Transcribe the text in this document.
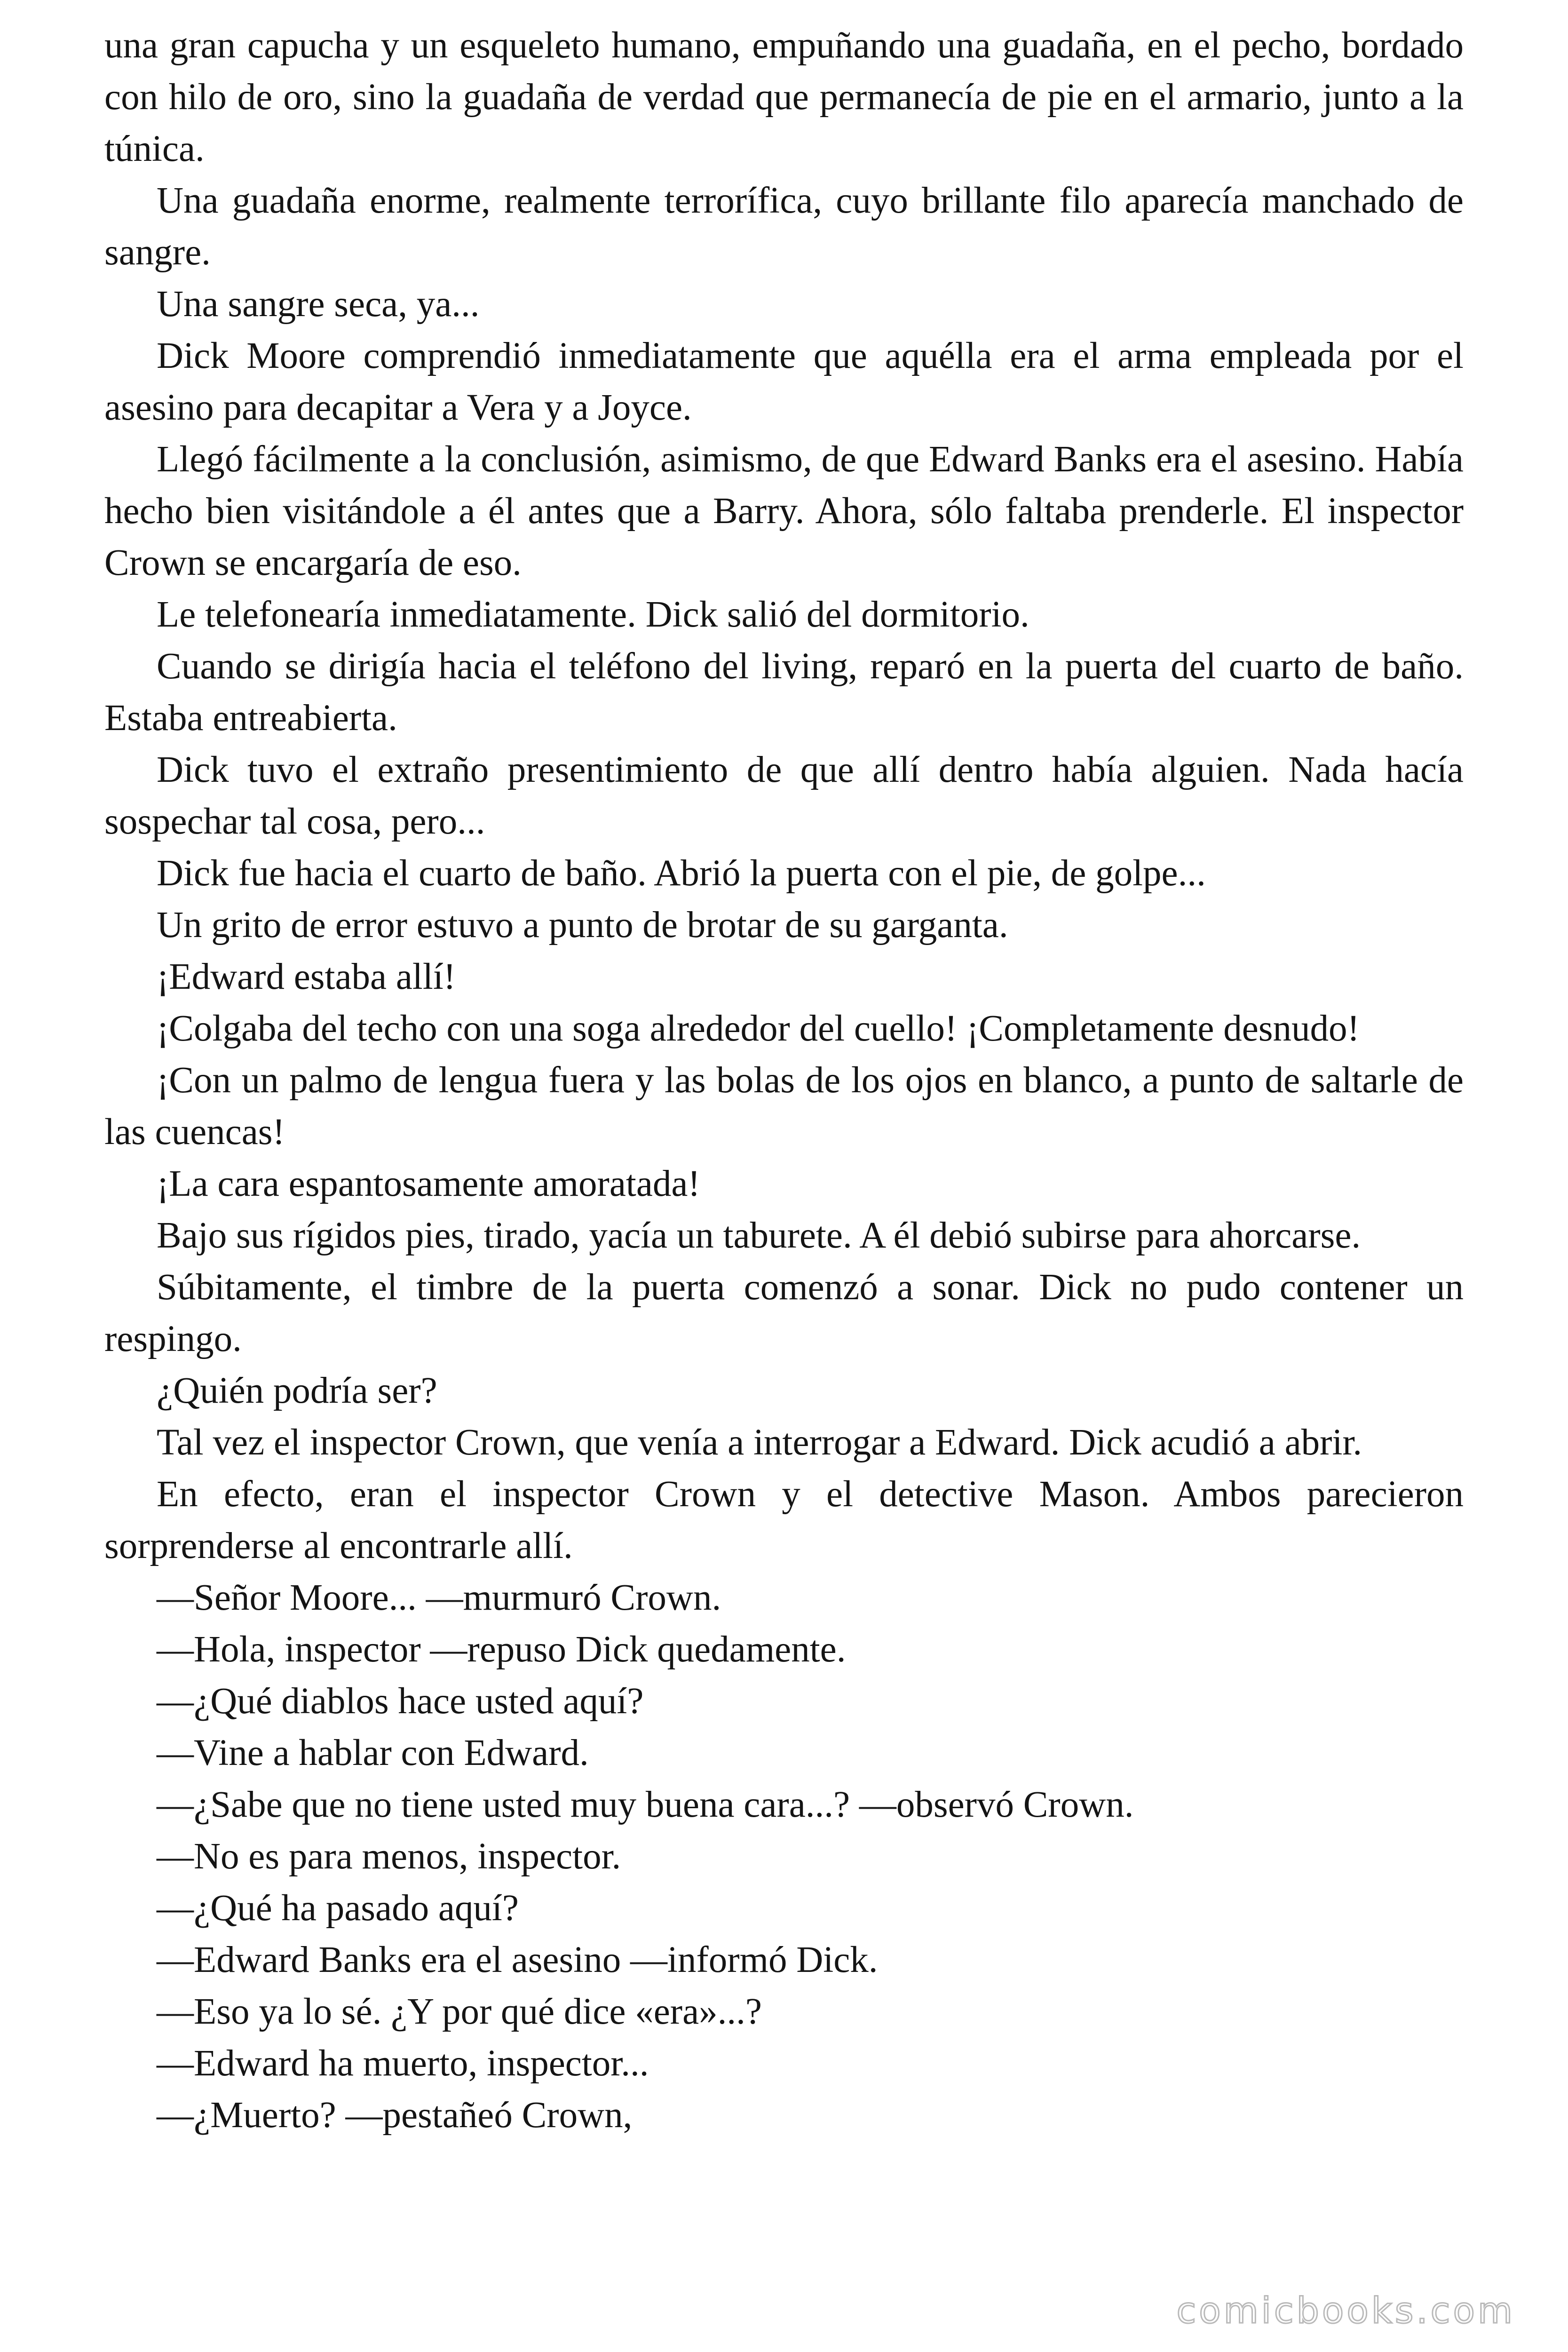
una gran capucha y un esqueleto humano, empuñando una guadaña, en el pecho, bordado con hilo de oro, sino la guadaña de verdad que permanecía de pie en el armario, junto a la túnica.

Una guadaña enorme, realmente terrorífica, cuyo brillante filo aparecía manchado de sangre.

Una sangre seca, ya...

Dick Moore comprendió inmediatamente que aquélla era el arma empleada por el asesino para decapitar a Vera y a Joyce.

Llegó fácilmente a la conclusión, asimismo, de que Edward Banks era el asesino. Había hecho bien visitándole a él antes que a Barry. Ahora, sólo faltaba prenderle. El inspector Crown se encargaría de eso.

Le telefonearía inmediatamente. Dick salió del dormitorio.

Cuando se dirigía hacia el teléfono del living, reparó en la puerta del cuarto de baño. Estaba entreabierta.

Dick tuvo el extraño presentimiento de que allí dentro había alguien. Nada hacía sospechar tal cosa, pero...

Dick fue hacia el cuarto de baño. Abrió la puerta con el pie, de golpe...

Un grito de error estuvo a punto de brotar de su garganta.

¡Edward estaba allí!

¡Colgaba del techo con una soga alrededor del cuello! ¡Completamente desnudo!

¡Con un palmo de lengua fuera y las bolas de los ojos en blanco, a punto de saltarle de las cuencas!

¡La cara espantosamente amoratada!

Bajo sus rígidos pies, tirado, yacía un taburete. A él debió subirse para ahorcarse.

Súbitamente, el timbre de la puerta comenzó a sonar. Dick no pudo contener un respingo.

¿Quién podría ser?

Tal vez el inspector Crown, que venía a interrogar a Edward. Dick acudió a abrir.

En efecto, eran el inspector Crown y el detective Mason. Ambos parecieron sorprenderse al encontrarle allí.

—Señor Moore... —murmuró Crown.

—Hola, inspector —repuso Dick quedamente.

—¿Qué diablos hace usted aquí?

—Vine a hablar con Edward.

—¿Sabe que no tiene usted muy buena cara...? —observó Crown.

—No es para menos, inspector.

—¿Qué ha pasado aquí?

—Edward Banks era el asesino —informó Dick.

—Eso ya lo sé. ¿Y por qué dice «era»...?

—Edward ha muerto, inspector...

—¿Muerto? —pestañeó Crown,

comicbooks.com
